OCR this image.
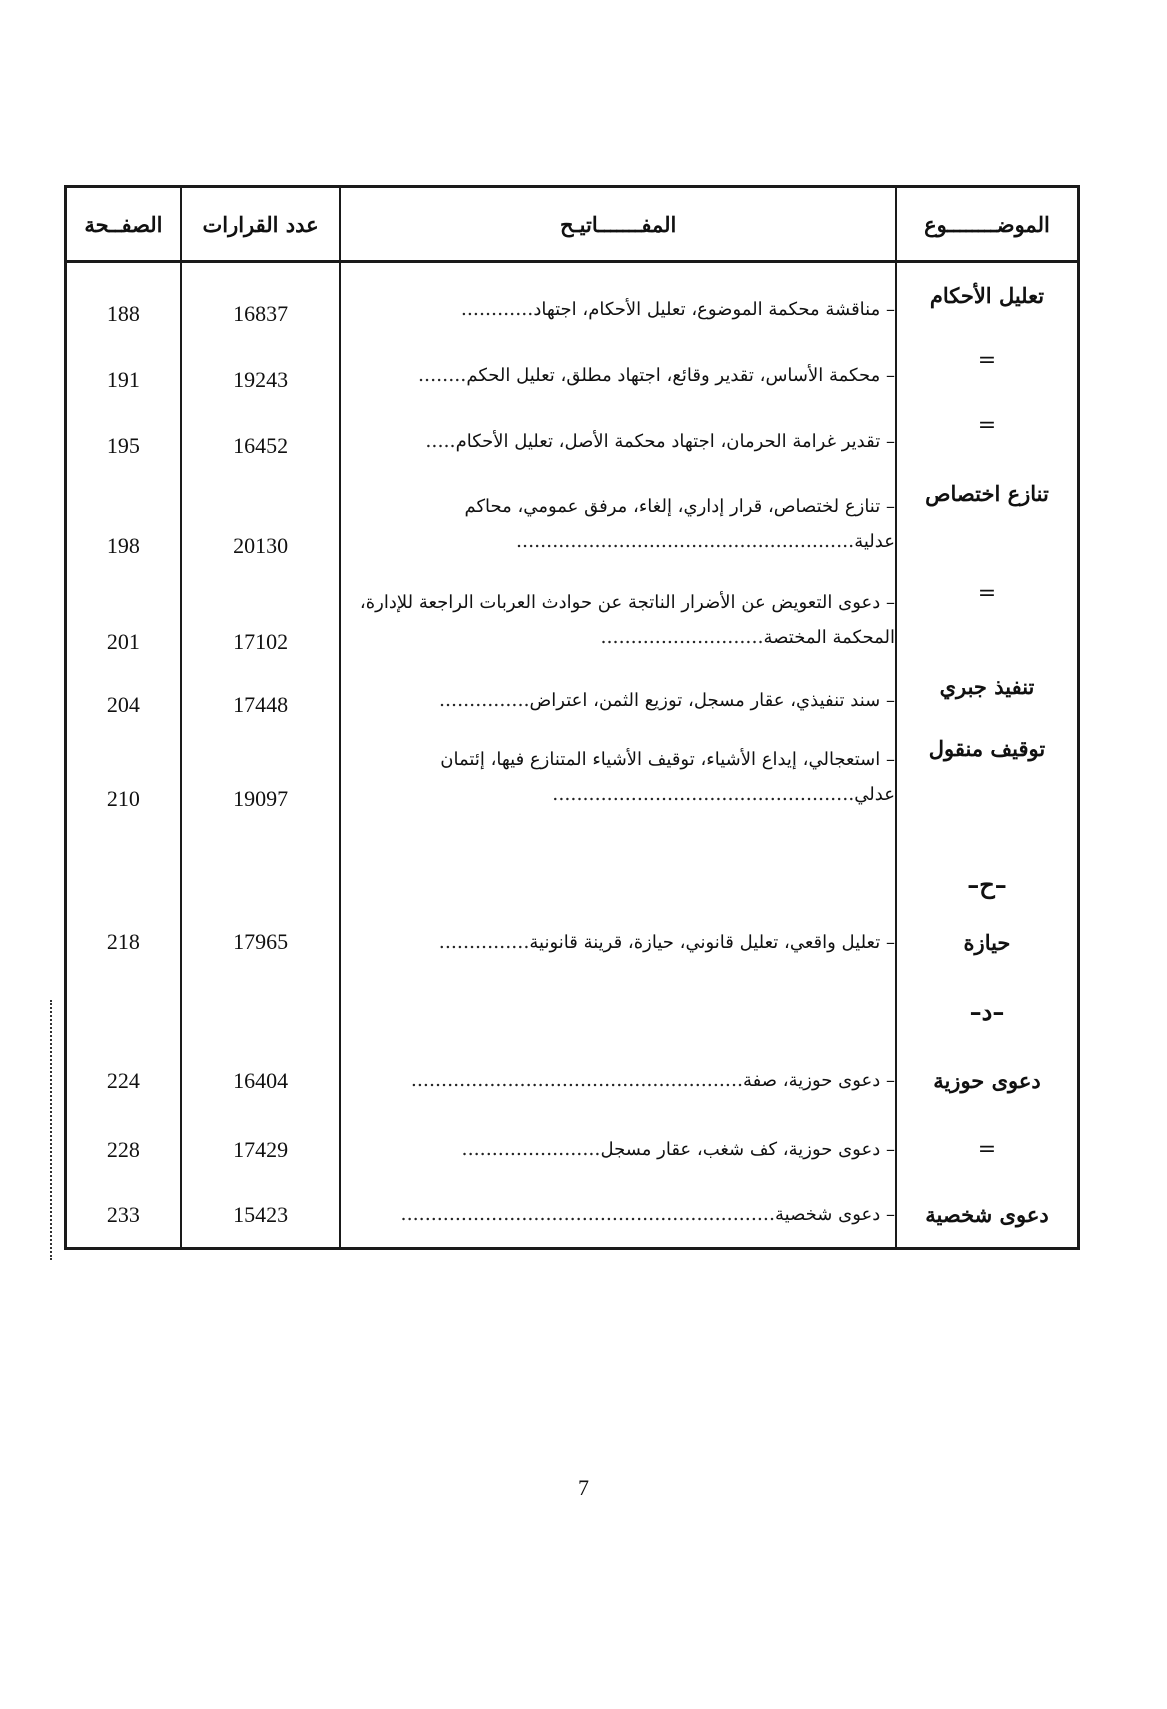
الموضــــــــوع	المفـــــــاتيـح	عدد القرارات	الصفــحة
تعليل الأحكام	– مناقشة محكمة الموضوع، تعليل الأحكام، اجتهاد............	16837	188
=	– محكمة الأساس، تقدير وقائع، اجتهاد مطلق، تعليل الحكم........	19243	191
=	– تقدير غرامة الحرمان، اجتهاد محكمة الأصل، تعليل الأحكام.....	16452	195
تنازع اختصاص	– تنازع لختصاص، قرار إداري، إلغاء، مرفق عمومي، محاكم عدلية........................................................	20130	198
=	– دعوى التعويض عن الأضرار الناتجة عن حوادث العربات الراجعة للإدارة، المحكمة المختصة...........................	17102	201
تنفيذ جبري	– سند تنفيذي، عقار مسجل، توزيع الثمن، اعتراض...............	17448	204
توقيف منقول	– استعجالي، إيداع الأشياء، توقيف الأشياء المتنازع فيها، إئتمان عدلي..................................................	19097	210
–ح–			
حيازة	– تعليل واقعي، تعليل قانوني، حيازة، قرينة قانونية...............	17965	218
–د–			
دعوى حوزية	– دعوى حوزية، صفة.......................................................	16404	224
=	– دعوى حوزية، كف شغب، عقار مسجل.......................	17429	228
دعوى شخصية	– دعوى شخصية..............................................................	15423	233
7
